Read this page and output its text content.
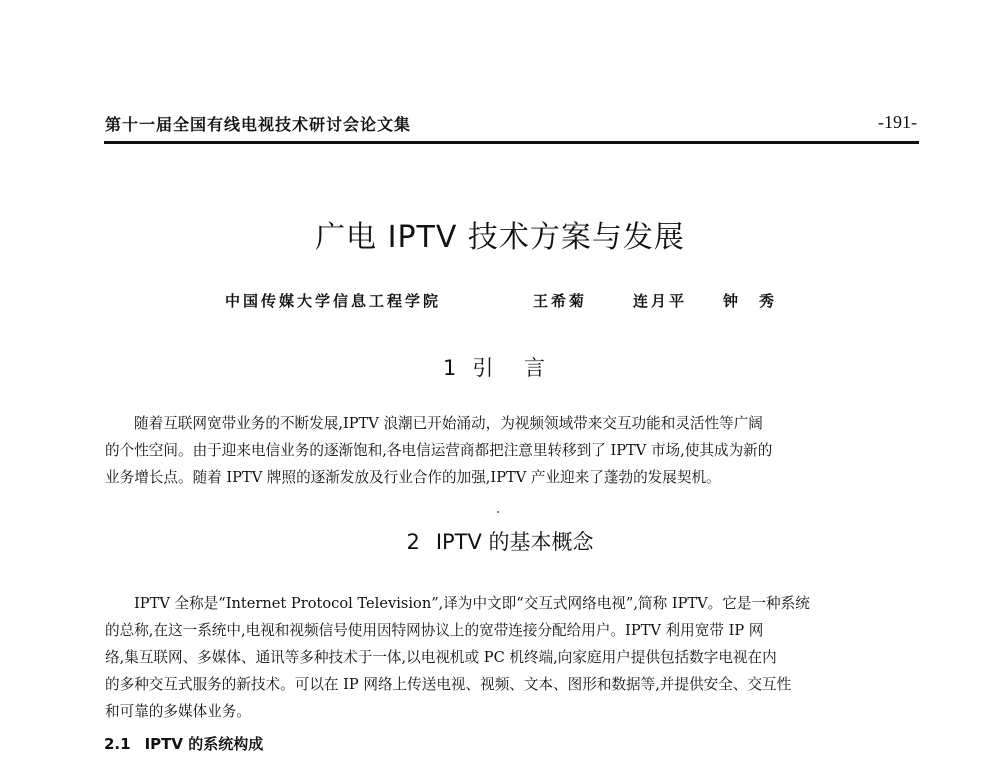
第十一届全国有线电视技术研讨会论文集	-191-
广电 IPTV 技术方案与发展
中国传媒大学信息工程学院	王希菊	连月平 钟　秀
1 引 言
随着互联网宽带业务的不断发展,IPTV 浪潮已开始涌动，为视频领域带来交互功能和灵活性等广阔
的个性空间。由于迎来电信业务的逐渐饱和,各电信运营商都把注意里转移到了 IPTV 市场,使其成为新的
业务增长点。随着 IPTV 牌照的逐渐发放及行业合作的加强,IPTV 产业迎来了蓬勃的发展契机。
2 IPTV 的基本概念
IPTV 全称是“Internet Protocol Television”,译为中文即“交互式网络电视”,简称 IPTV。它是一种系统
的总称,在这一系统中,电视和视频信号使用因特网协议上的宽带连接分配给用户。IPTV 利用宽带 IP 网
络,集互联网、多媒体、通讯等多种技术于一体,以电视机或 PC 机终端,向家庭用户提供包括数字电视在内
的多种交互式服务的新技术。可以在 IP 网络上传送电视、视频、文本、图形和数据等,并提供安全、交互性
和可靠的多媒体业务。
2.1 IPTV 的系统构成
